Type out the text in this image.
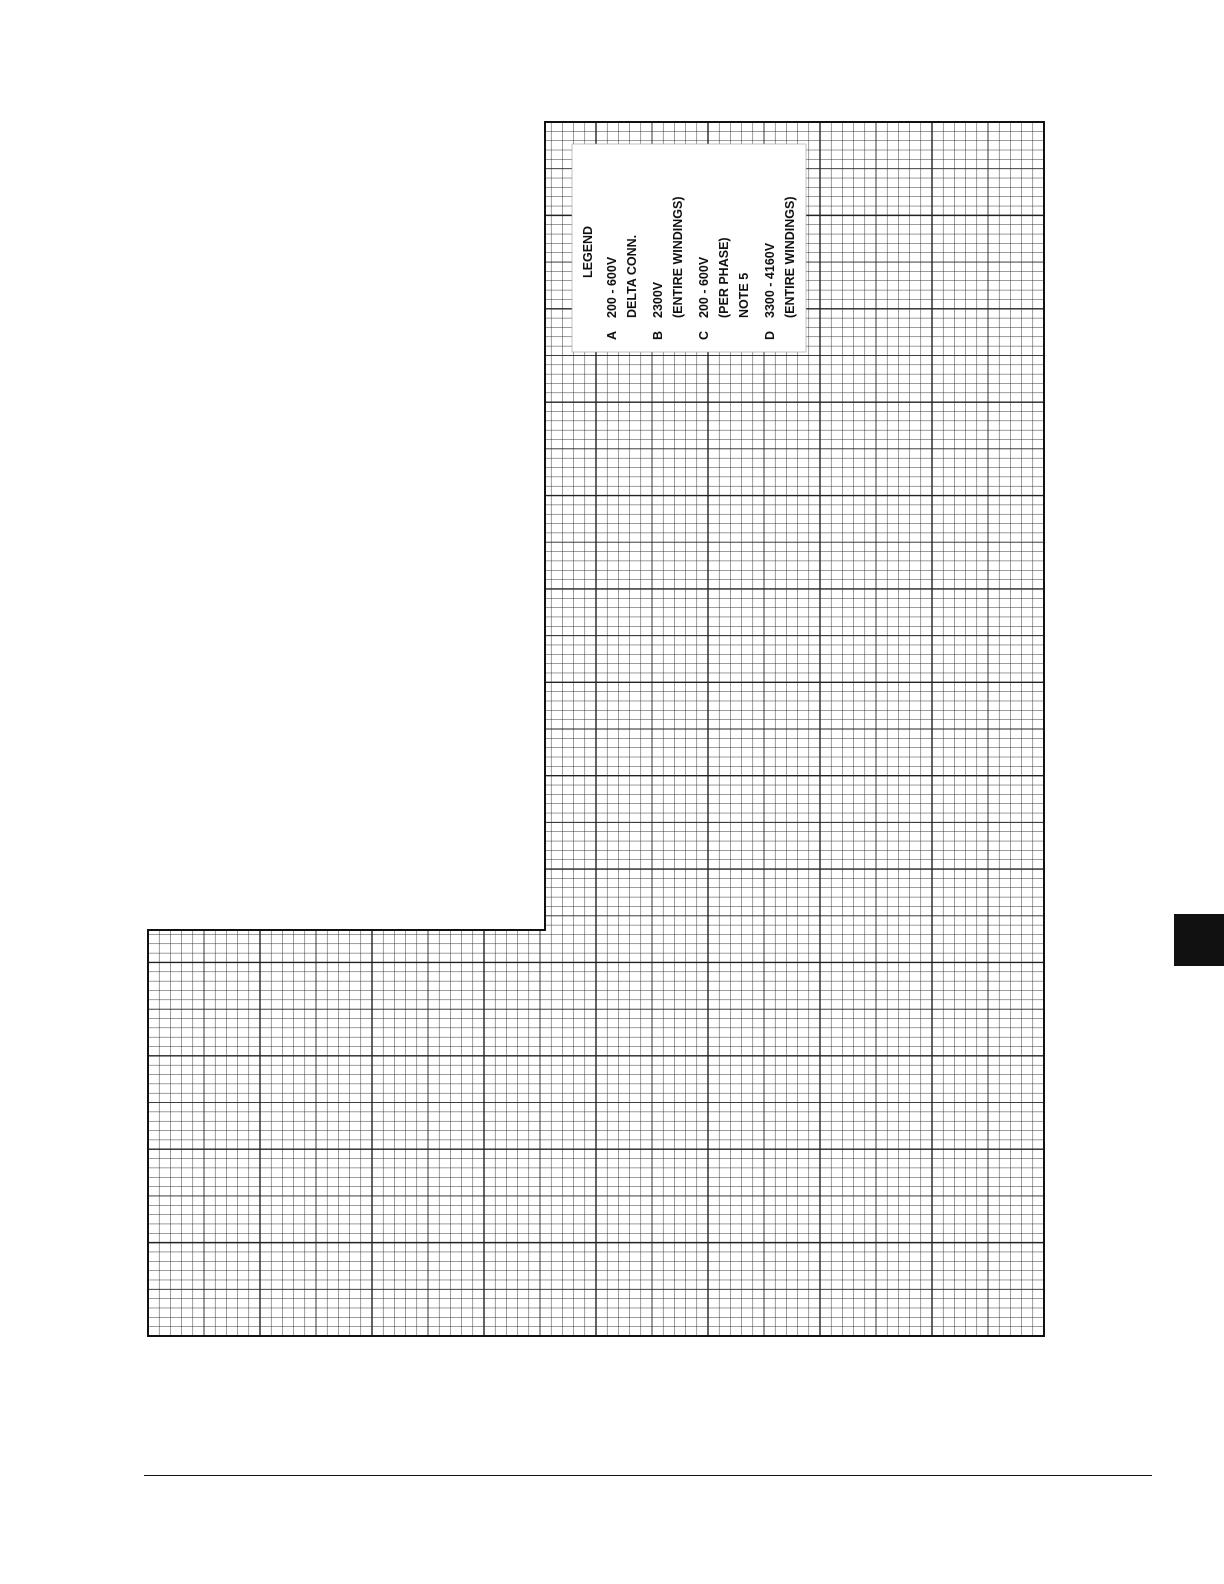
LEGEND
A
200 - 600V DELTA CONN.
B
2300V (ENTIRE WINDINGS)
C
200 - 600V (PER PHASE) NOTE 5
D
3300 - 4160V (ENTIRE WINDINGS)
